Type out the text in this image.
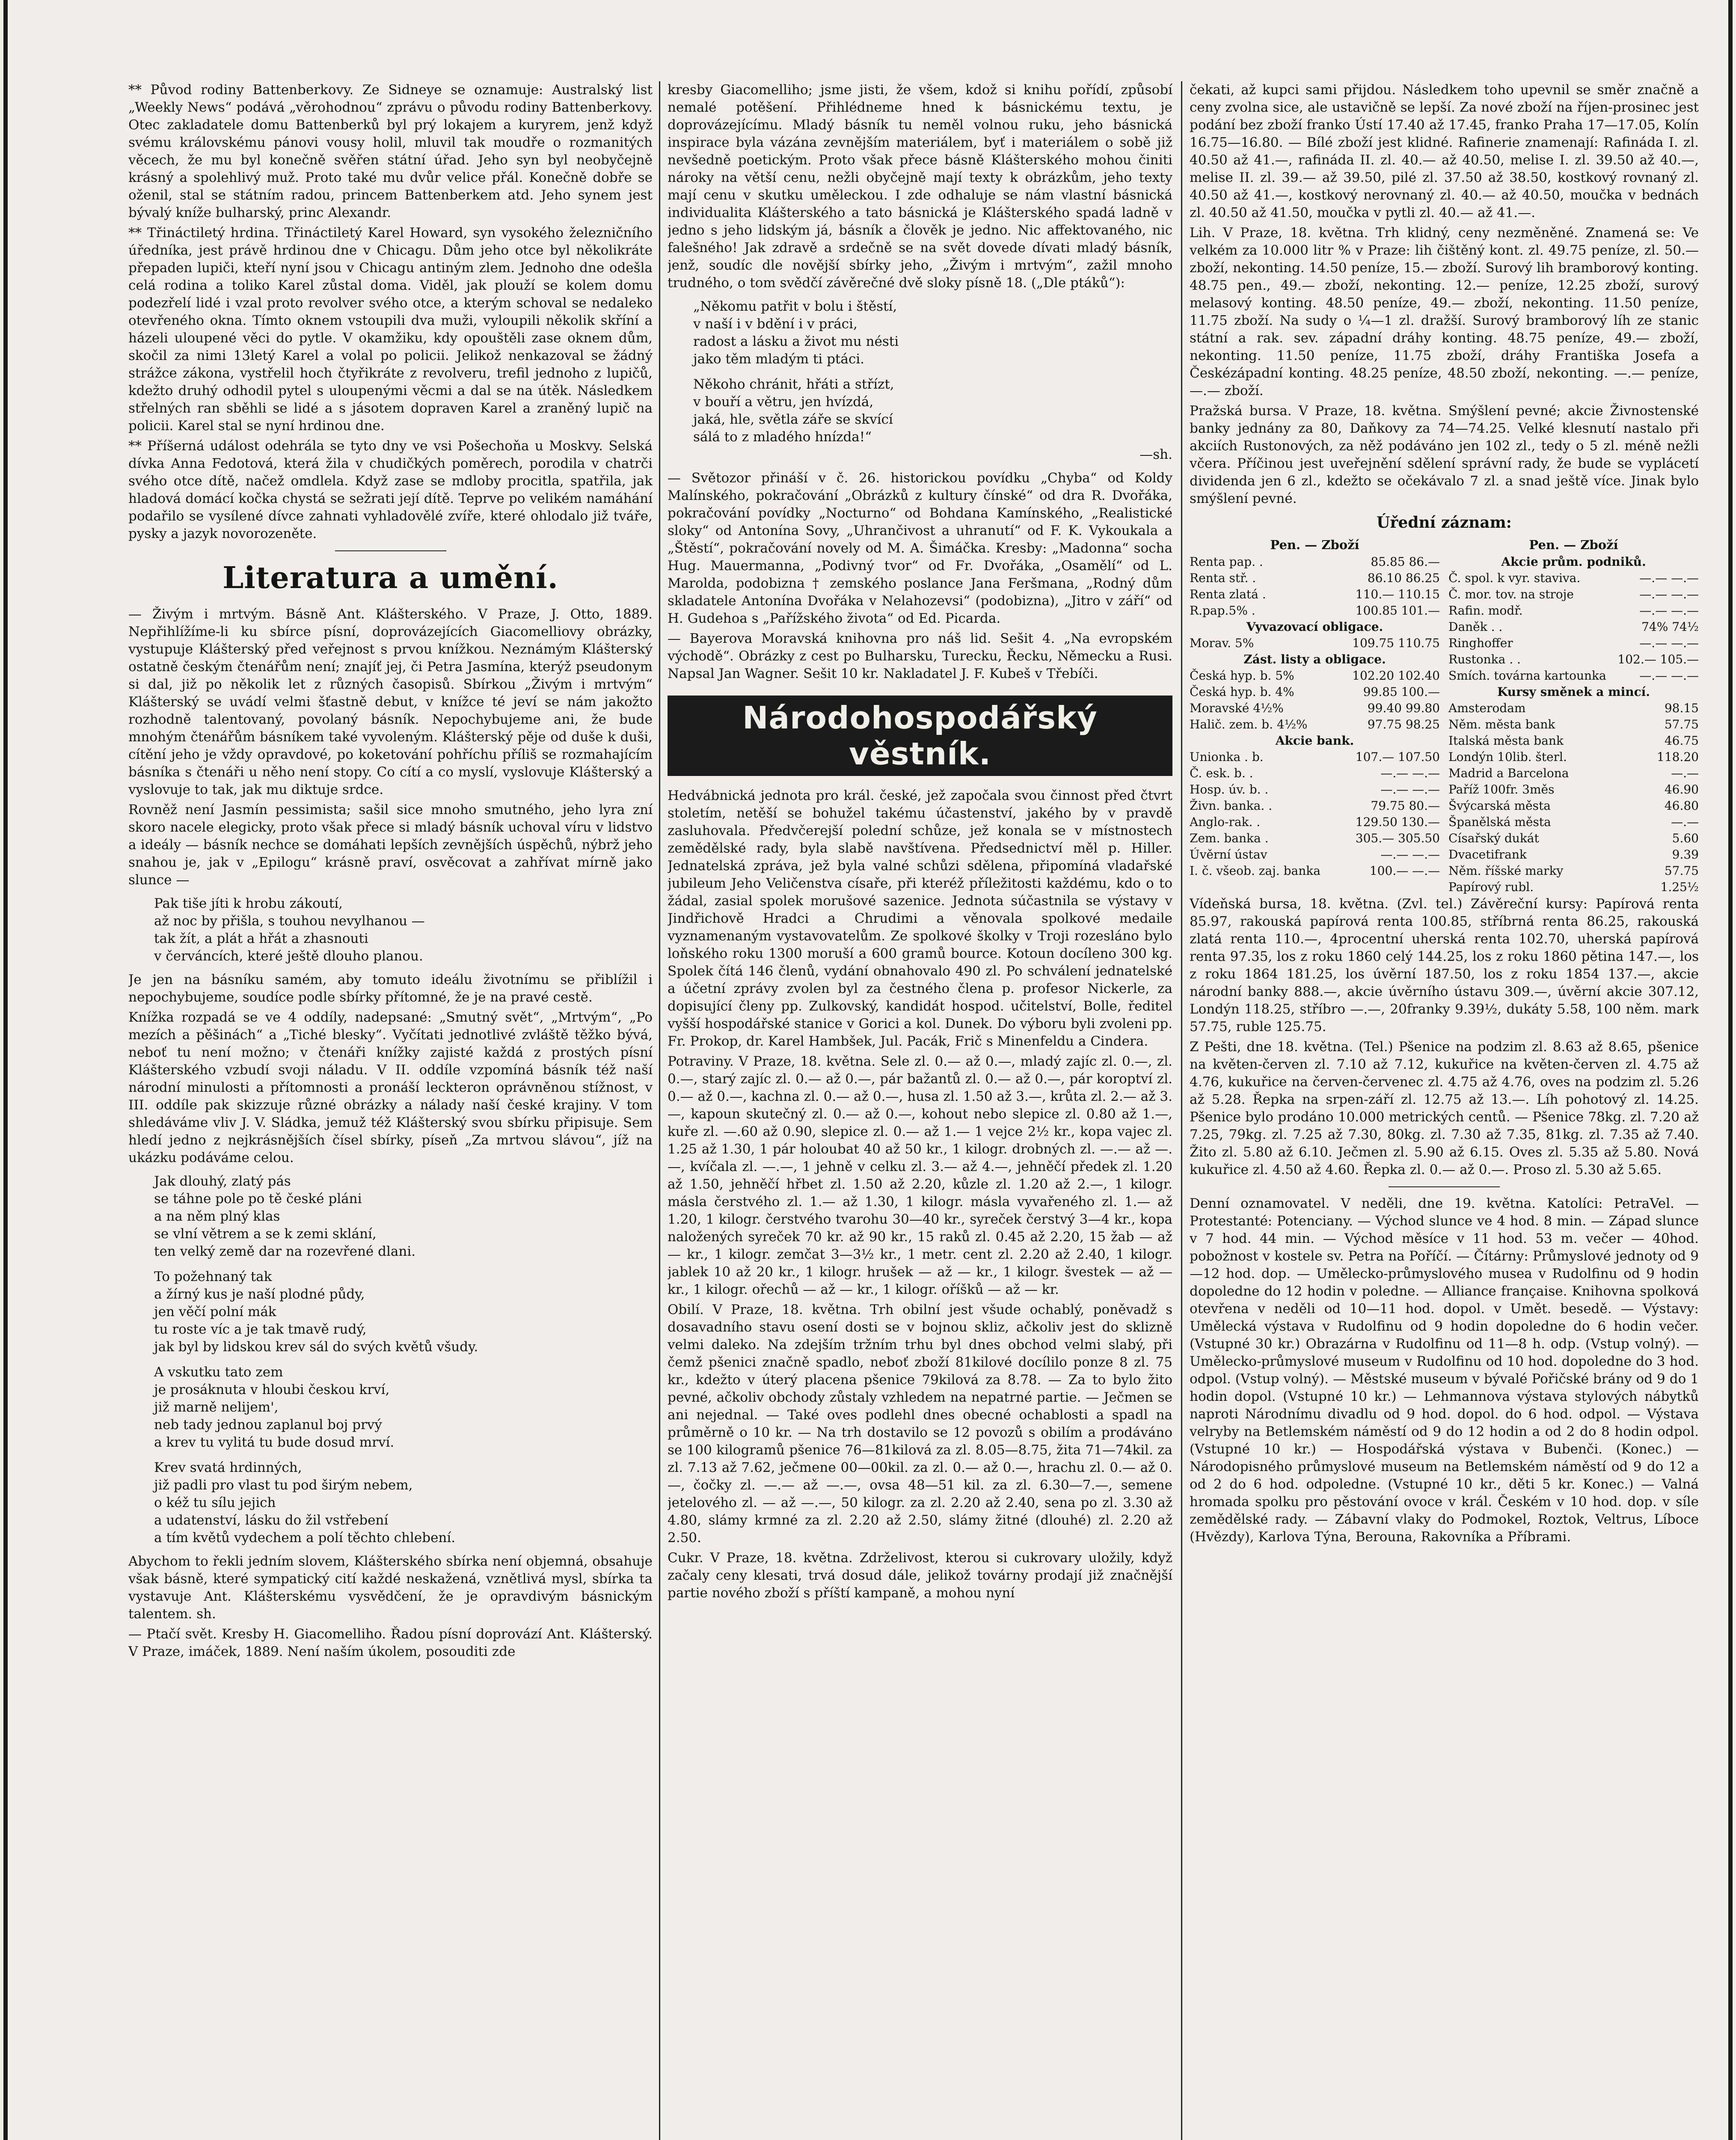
** Původ rodiny Battenberkovy. Ze Sidneye se oznamuje: Australský list „Weekly News“ podává „věrohodnou“ zprávu o původu rodiny Battenberkovy. Otec zakladatele domu Battenberků byl prý lokajem a kuryrem, jenž když svému královskému pánovi vousy holil, mluvil tak moudře o rozmanitých věcech, že mu byl konečně svěřen státní úřad. Jeho syn byl neobyčejně krásný a spolehlivý muž. Proto také mu dvůr velice přál. Konečně dobře se oženil, stal se státním radou, princem Battenberkem atd. Jeho synem jest bývalý kníže bulharský, princ Alexandr.

** Třináctiletý hrdina. Třináctiletý Karel Howard, syn vysokého železničního úředníka, jest právě hrdinou dne v Chicagu. Dům jeho otce byl několikráte přepaden lupiči, kteří nyní jsou v Chicagu antiným zlem. Jednoho dne odešla celá rodina a toliko Karel zůstal doma. Viděl, jak plouží se kolem domu podezřelí lidé i vzal proto revolver svého otce, a kterým schoval se nedaleko otevřeného okna. Tímto oknem vstoupili dva muži, vyloupili několik skříní a házeli uloupené věci do pytle. V okamžiku, kdy opouštěli zase oknem dům, skočil za nimi 13letý Karel a volal po policii. Jelikož nenkazoval se žádný strážce zákona, vystřelil hoch čtyřikráte z revolveru, trefil jednoho z lupičů, kdežto druhý odhodil pytel s uloupenými věcmi a dal se na útěk. Následkem střelných ran sběhli se lidé a s jásotem dopraven Karel a zraněný lupič na policii. Karel stal se nyní hrdinou dne.

** Příšerná událost odehrála se tyto dny ve vsi Pošechoňa u Moskvy. Selská dívka Anna Fedotová, která žila v chudičkých poměrech, porodila v chatrči svého otce dítě, načež omdlela. Když zase se mdloby procitla, spatřila, jak hladová domácí kočka chystá se sežrati její dítě. Teprve po velikém namáhání podařilo se vysílené dívce zahnati vyhladovělé zvíře, které ohlodalo již tváře, pysky a jazyk novorozeněte.

Literatura a umění.

— Živým i mrtvým. Básně Ant. Klášterského. V Praze, J. Otto, 1889. Nepřihlížíme-li ku sbírce písní, doprovázejících Giacomelliovy obrázky, vystupuje Klášterský před veřejnost s prvou knížkou. Neznámým Klášterský ostatně českým čtenářům není; znajíť jej, či Petra Jasmína, kterýž pseudonym si dal, již po několik let z různých časopisů. Sbírkou „Živým i mrtvým“ Klášterský se uvádí velmi šťastně debut, v knížce té jeví se nám jakožto rozhodně talentovaný, povolaný básník. Nepochybujeme ani, že bude mnohým čtenářům básníkem také vyvoleným. Klášterský pěje od duše k duši, cítění jeho je vždy opravdové, po koketování pohříchu příliš se rozmahajícím básníka s čtenáři u něho není stopy. Co cítí a co myslí, vyslovuje Klášterský a vyslovuje to tak, jak mu diktuje srdce.

Rovněž není Jasmín pessimista; sašil sice mnoho smutného, jeho lyra zní skoro nacele elegicky, proto však přece si mladý básník uchoval víru v lidstvo a ideály — básník nechce se domáhati lepších zevnějších úspěchů, nýbrž jeho snahou je, jak v „Epilogu“ krásně praví, osvěcovat a zahřívat mírně jako slunce —

Pak tiše jíti k hrobu zákoutí,
až noc by přišla, s touhou nevylhanou —
tak žít, a plát a hřát a zhasnouti
v červáncích, které ještě dlouho planou.

Je jen na básníku samém, aby tomuto ideálu životnímu se přiblížil i nepochybujeme, soudíce podle sbírky přítomné, že je na pravé cestě.

Knížka rozpadá se ve 4 oddíly, nadepsané: „Smutný svět“, „Mrtvým“, „Po mezích a pěšinách“ a „Tiché blesky“. Vyčítati jednotlivé zvláště těžko bývá, neboť tu není možno; v čtenáři knížky zajisté každá z prostých písní Klášterského vzbudí svoji náladu. V II. oddíle vzpomíná básník též naší národní minulosti a přítomnosti a pronáší leckteron oprávněnou stížnost, v III. oddíle pak skizzuje různé obrázky a nálady naší české krajiny. V tom shledáváme vliv J. V. Sládka, jemuž též Klášterský svou sbírku připisuje. Sem hledí jedno z nejkrásnějších čísel sbírky, píseň „Za mrtvou slávou“, jíž na ukázku podáváme celou.

Jak dlouhý, zlatý pás
se táhne pole po tě české pláni
a na něm plný klas
se vlní větrem a se k zemi sklání,
ten velký země dar na rozevřené dlani.
To požehnaný tak
a žírný kus je naší plodné půdy,
jen věčí polní mák
tu roste víc a je tak tmavě rudý,
jak byl by lidskou krev sál do svých květů všudy.
A vskutku tato zem
je prosáknuta v hloubi českou krví,
již marně nelijem',
neb tady jednou zaplanul boj prvý
a krev tu vylitá tu bude dosud mrví.
Krev svatá hrdinných,
již padli pro vlast tu pod širým nebem,
o kéž tu sílu jejich
a udatenství, lásku do žil vstřebení
a tím květů vydechem a polí těchto chlebení.

Abychom to řekli jedním slovem, Klášterského sbírka není objemná, obsahuje však básně, které sympatický cití každé neskažená, vznětlivá mysl, sbírka ta vystavuje Ant. Klášterskému vysvědčení, že je opravdivým básnickým talentem. sh.

— Ptačí svět. Kresby H. Giacomelliho. Řadou písní doprovází Ant. Klášterský. V Praze, imáček, 1889. Není naším úkolem, posouditi zde

kresby Giacomelliho; jsme jisti, že všem, kdož si knihu pořídí, způsobí nemalé potěšení. Přihlédneme hned k básnickému textu, je doprovázejícímu. Mladý básník tu neměl volnou ruku, jeho básnická inspirace byla vázána zevnějším materiálem, byť i materiálem o sobě již nevšedně poetickým. Proto však přece básně Klášterského mohou činiti nároky na větší cenu, nežli obyčejně mají texty k obrázkům, jeho texty mají cenu v skutku uměleckou. I zde odhaluje se nám vlastní básnická individualita Klášterského a tato básnická je Klášterského spadá ladně v jedno s jeho lidským já, básník a člověk je jedno. Nic affektovaného, nic falešného! Jak zdravě a srdečně se na svět dovede dívati mladý básník, jenž, soudíc dle novější sbírky jeho, „Živým i mrtvým“, zažil mnoho trudného, o tom svědčí závěrečné dvě sloky písně 18. („Dle ptáků“):

„Někomu patřit v bolu i štěstí,
v naší i v bdění i v práci,
radost a lásku a život mu nésti
jako těm mladým ti ptáci.
Někoho chránit, hřáti a střízt,
v bouří a větru, jen hvízdá,
jaká, hle, světla záře se skvící
sálá to z mladého hnízda!“
—sh.

— Světozor přináší v č. 26. historickou povídku „Chyba“ od Koldy Malínského, pokračování „Obrázků z kultury čínské“ od dra R. Dvořáka, pokračování povídky „Nocturno“ od Bohdana Kamínského, „Realistické sloky“ od Antonína Sovy, „Uhrančivost a uhranutí“ od F. K. Vykoukala a „Štěstí“, pokračování novely od M. A. Šimáčka. Kresby: „Madonna“ socha Hug. Mauermanna, „Podivný tvor“ od Fr. Dvořáka, „Osamělí“ od L. Marolda, podobizna † zemského poslance Jana Feršmana, „Rodný dům skladatele Antonína Dvořáka v Nelahozevsi“ (podobizna), „Jitro v září“ od H. Gudehoa s „Pařížského života“ od Ed. Picarda.

— Bayerova Moravská knihovna pro náš lid. Sešit 4. „Na evropském východě“. Obrázky z cest po Bulharsku, Turecku, Řecku, Německu a Rusi. Napsal Jan Wagner. Sešit 10 kr. Nakladatel J. F. Kubeš v Třebíči.

Národohospodářský věstník.

Hedvábnická jednota pro král. české, jež započala svou činnost před čtvrt stoletím, netěší se bohužel takému účastenství, jakého by v pravdě zasluhovala. Předvčerejší polední schůze, jež konala se v místnostech zemědělské rady, byla slabě navštívena. Předsednictví měl p. Hiller. Jednatelská zpráva, jež byla valné schůzi sdělena, připomíná vladařské jubileum Jeho Veličenstva císaře, při kteréž příležitosti každému, kdo o to žádal, zasial spolek morušové sazenice. Jednota súčastnila se výstavy v Jindřichově Hradci a Chrudimi a věnovala spolkové medaile vyznamenaným vystavovatelům. Ze spolkové školky v Troji rozesláno bylo loňského roku 1300 moruší a 600 gramů bource. Kotoun docíleno 300 kg. Spolek čítá 146 členů, vydání obnahovalo 490 zl. Po schválení jednatelské a účetní zprávy zvolen byl za čestného člena p. profesor Nickerle, za dopisující členy pp. Zulkovský, kandidát hospod. učitelství, Bolle, ředitel vyšší hospodářské stanice v Gorici a kol. Dunek. Do výboru byli zvoleni pp. Fr. Prokop, dr. Karel Hambšek, Jul. Pacák, Frič s Minenfeldu a Cindera.

Potraviny. V Praze, 18. května. Sele zl. 0.— až 0.—, mladý zajíc zl. 0.—, zl. 0.—, starý zajíc zl. 0.— až 0.—, pár bažantů zl. 0.— až 0.—, pár koroptví zl. 0.— až 0.—, kachna zl. 0.— až 0.—, husa zl. 1.50 až 3.—, krůta zl. 2.— až 3.—, kapoun skutečný zl. 0.— až 0.—, kohout nebo slepice zl. 0.80 až 1.—, kuře zl. —.60 až 0.90, slepice zl. 0.— až 1.— 1 vejce 2½ kr., kopa vajec zl. 1.25 až 1.30, 1 pár holoubat 40 až 50 kr., 1 kilogr. drobných zl. —.— až —.—, kvíčala zl. —.—, 1 jehně v celku zl. 3.— až 4.—, jehněčí předek zl. 1.20 až 1.50, jehněčí hřbet zl. 1.50 až 2.20, kůzle zl. 1.20 až 2.—, 1 kilogr. másla čerstvého zl. 1.— až 1.30, 1 kilogr. másla vyvařeného zl. 1.— až 1.20, 1 kilogr. čerstvého tvarohu 30—40 kr., syreček čerstvý 3—4 kr., kopa naložených syreček 70 kr. až 90 kr., 15 raků zl. 0.45 až 2.20, 15 žab — až — kr., 1 kilogr. zemčat 3—3½ kr., 1 metr. cent zl. 2.20 až 2.40, 1 kilogr. jablek 10 až 20 kr., 1 kilogr. hrušek — až — kr., 1 kilogr. švestek — až — kr., 1 kilogr. ořechů — až — kr., 1 kilogr. oříšků — až — kr.

Obilí. V Praze, 18. května. Trh obilní jest všude ochablý, poněvadž s dosavadního stavu osení dosti se v bojnou skliz, ačkoliv jest do sklizně velmi daleko. Na zdejším tržním trhu byl dnes obchod velmi slabý, při čemž pšenici značně spadlo, neboť zboží 81kilové docílilo ponze 8 zl. 75 kr., kdežto v úterý placena pšenice 79kilová za 8.78. — Za to bylo žito pevné, ačkoliv obchody zůstaly vzhledem na nepatrné partie. — Ječmen se ani nejednal. — Také oves podlehl dnes obecné ochablosti a spadl na průměrně o 10 kr. — Na trh dostavilo se 12 povozů s obilím a prodáváno se 100 kilogramů pšenice 76—81kilová za zl. 8.05—8.75, žita 71—74kil. za zl. 7.13 až 7.62, ječmene 00—00kil. za zl. 0.— až 0.—, hrachu zl. 0.— až 0.—, čočky zl. —.— až —.—, ovsa 48—51 kil. za zl. 6.30—7.—, semene jetelového zl. — až —.—, 50 kilogr. za zl. 2.20 až 2.40, sena po zl. 3.30 až 4.80, slámy krmné za zl. 2.20 až 2.50, slámy žitné (dlouhé) zl. 2.20 až 2.50.

Cukr. V Praze, 18. května. Zdrželivost, kterou si cukrovary uložily, když začaly ceny klesati, trvá dosud dále, jelikož továrny prodají již značnější partie nového zboží s příští kampaně, a mohou nyní

čekati, až kupci sami přijdou. Následkem toho upevnil se směr značně a ceny zvolna sice, ale ustavičně se lepší. Za nové zboží na říjen-prosinec jest podání bez zboží franko Ústí 17.40 až 17.45, franko Praha 17—17.05, Kolín 16.75—16.80. — Bílé zboží jest klidné. Rafinerie znamenají: Rafináda I. zl. 40.50 až 41.—, rafináda II. zl. 40.— až 40.50, melise I. zl. 39.50 až 40.—, melise II. zl. 39.— až 39.50, pilé zl. 37.50 až 38.50, kostkový rovnaný zl. 40.50 až 41.—, kostkový nerovnaný zl. 40.— až 40.50, moučka v bednách zl. 40.50 až 41.50, moučka v pytli zl. 40.— až 41.—.

Lih. V Praze, 18. května. Trh klidný, ceny nezměněné. Znamená se: Ve velkém za 10.000 litr % v Praze: lih čištěný kont. zl. 49.75 peníze, zl. 50.— zboží, nekonting. 14.50 peníze, 15.— zboží. Surový lih bramborový konting. 48.75 pen., 49.— zboží, nekonting. 12.— peníze, 12.25 zboží, surový melasový konting. 48.50 peníze, 49.— zboží, nekonting. 11.50 peníze, 11.75 zboží. Na sudy o ¼—1 zl. dražší. Surový bramborový líh ze stanic státní a rak. sev. západní dráhy konting. 48.75 peníze, 49.— zboží, nekonting. 11.50 peníze, 11.75 zboží, dráhy Františka Josefa a Českézápadní konting. 48.25 peníze, 48.50 zboží, nekonting. —.— peníze, —.— zboží.

Pražská bursa. V Praze, 18. května. Smýšlení pevné; akcie Živnostenské banky jednány za 80, Daňkovy za 74—74.25. Velké klesnutí nastalo při akciích Rustonových, za něž podáváno jen 102 zl., tedy o 5 zl. méně nežli včera. Příčinou jest uveřejnění sdělení správní rady, že bude se vyplácetí dividenda jen 6 zl., kdežto se očekávalo 7 zl. a snad ještě více. Jinak bylo smýšlení pevné.

Úřední záznam:
Pen. — Zboží
Renta pap. .	85.85 86.—
Renta stř. .	86.10 86.25
Renta zlatá .	110.— 110.15
R.pap.5% .	100.85 101.—
Vyvazovací obligace.
Morav. 5%	109.75 110.75
Zást. listy a obligace.
Česká hyp. b. 5%	102.20 102.40
Česká hyp. b. 4%	99.85 100.—
Moravské 4½%	99.40 99.80
Halič. zem. b. 4½%	97.75 98.25
Akcie bank.
Unionka . b.	107.— 107.50
Č. esk. b. .	—.— —.—
Hosp. úv. b. .	—.— —.—
Živn. banka. .	79.75 80.—
Anglo-rak. .	129.50 130.—
Zem. banka .	305.— 305.50
Úvěrní ústav	—.— —.—
I. č. všeob. zaj. banka	100.— —.—
Pen. — Zboží
Akcie prům. podniků.
Č. spol. k vyr. staviva.	—.— —.—
Č. mor. tov. na stroje	—.— —.—
Rafin. modř.	—.— —.—
Daněk . .	74% 74½
Ringhoffer	—.— —.—
Rustonka . .	102.— 105.—
Smích. továrna kartounka	—.— —.—
Kursy směnek a mincí.
Amsterodam	98.15
Něm. města bank	57.75
Italská města bank	46.75
Londýn 10lib. šterl.	118.20
Madrid a Barcelona	—.—
Paříž 100fr. 3měs	46.90
Švýcarská města	46.80
Španělská města	—.—
Císařský dukát	5.60
Dvacetifrank	9.39
Něm. říšské marky	57.75
Papírový rubl.	1.25½

Vídeňská bursa, 18. května. (Zvl. tel.) Závěreční kursy: Papírová renta 85.97, rakouská papírová renta 100.85, stříbrná renta 86.25, rakouská zlatá renta 110.—, 4procentní uherská renta 102.70, uherská papírová renta 97.35, los z roku 1860 celý 144.25, los z roku 1860 pětina 147.—, los z roku 1864 181.25, los úvěrní 187.50, los z roku 1854 137.—, akcie národní banky 888.—, akcie úvěrního ústavu 309.—, úvěrní akcie 307.12, Londýn 118.25, stříbro —.—, 20franky 9.39½, dukáty 5.58, 100 něm. mark 57.75, ruble 125.75.

Z Pešti, dne 18. května. (Tel.) Pšenice na podzim zl. 8.63 až 8.65, pšenice na květen-červen zl. 7.10 až 7.12, kukuřice na květen-červen zl. 4.75 až 4.76, kukuřice na červen-červenec zl. 4.75 až 4.76, oves na podzim zl. 5.26 až 5.28. Řepka na srpen-září zl. 12.75 až 13.—. Líh pohotový zl. 14.25. Pšenice bylo prodáno 10.000 metrických centů. — Pšenice 78kg. zl. 7.20 až 7.25, 79kg. zl. 7.25 až 7.30, 80kg. zl. 7.30 až 7.35, 81kg. zl. 7.35 až 7.40. Žito zl. 5.80 až 6.10. Ječmen zl. 5.90 až 6.15. Oves zl. 5.35 až 5.80. Nová kukuřice zl. 4.50 až 4.60. Řepka zl. 0.— až 0.—. Proso zl. 5.30 až 5.65.

Denní oznamovatel. V neděli, dne 19. května. Katolíci: PetraVel. — Protestanté: Potenciany. — Východ slunce ve 4 hod. 8 min. — Západ slunce v 7 hod. 44 min. — Východ měsíce v 11 hod. 53 m. večer — 40hod. pobožnost v kostele sv. Petra na Poříčí. — Čítárny: Průmyslové jednoty od 9—12 hod. dop. — Umělecko-průmyslového musea v Rudolfinu od 9 hodin dopoledne do 12 hodin v poledne. — Alliance française. Knihovna spolková otevřena v neděli od 10—11 hod. dopol. v Umět. besedě. — Výstavy: Umělecká výstava v Rudolfinu od 9 hodin dopoledne do 6 hodin večer. (Vstupné 30 kr.) Obrazárna v Rudolfinu od 11—8 h. odp. (Vstup volný). — Umělecko-průmyslové museum v Rudolfinu od 10 hod. dopoledne do 3 hod. odpol. (Vstup volný). — Městské museum v bývalé Pořičské brány od 9 do 1 hodin dopol. (Vstupné 10 kr.) — Lehmannova výstava stylových nábytků naproti Národnímu divadlu od 9 hod. dopol. do 6 hod. odpol. — Výstava velryby na Betlemském náměstí od 9 do 12 hodin a od 2 do 8 hodin odpol. (Vstupné 10 kr.) — Hospodářská výstava v Bubenči. (Konec.) — Národopisného průmyslové museum na Betlemském náměstí od 9 do 12 a od 2 do 6 hod. odpoledne. (Vstupné 10 kr., děti 5 kr. Konec.) — Valná hromada spolku pro pěstování ovoce v král. Českém v 10 hod. dop. v síle zemědělské rady. — Zábavní vlaky do Podmokel, Roztok, Veltrus, Líboce (Hvězdy), Karlova Týna, Berouna, Rakovníka a Příbrami.
